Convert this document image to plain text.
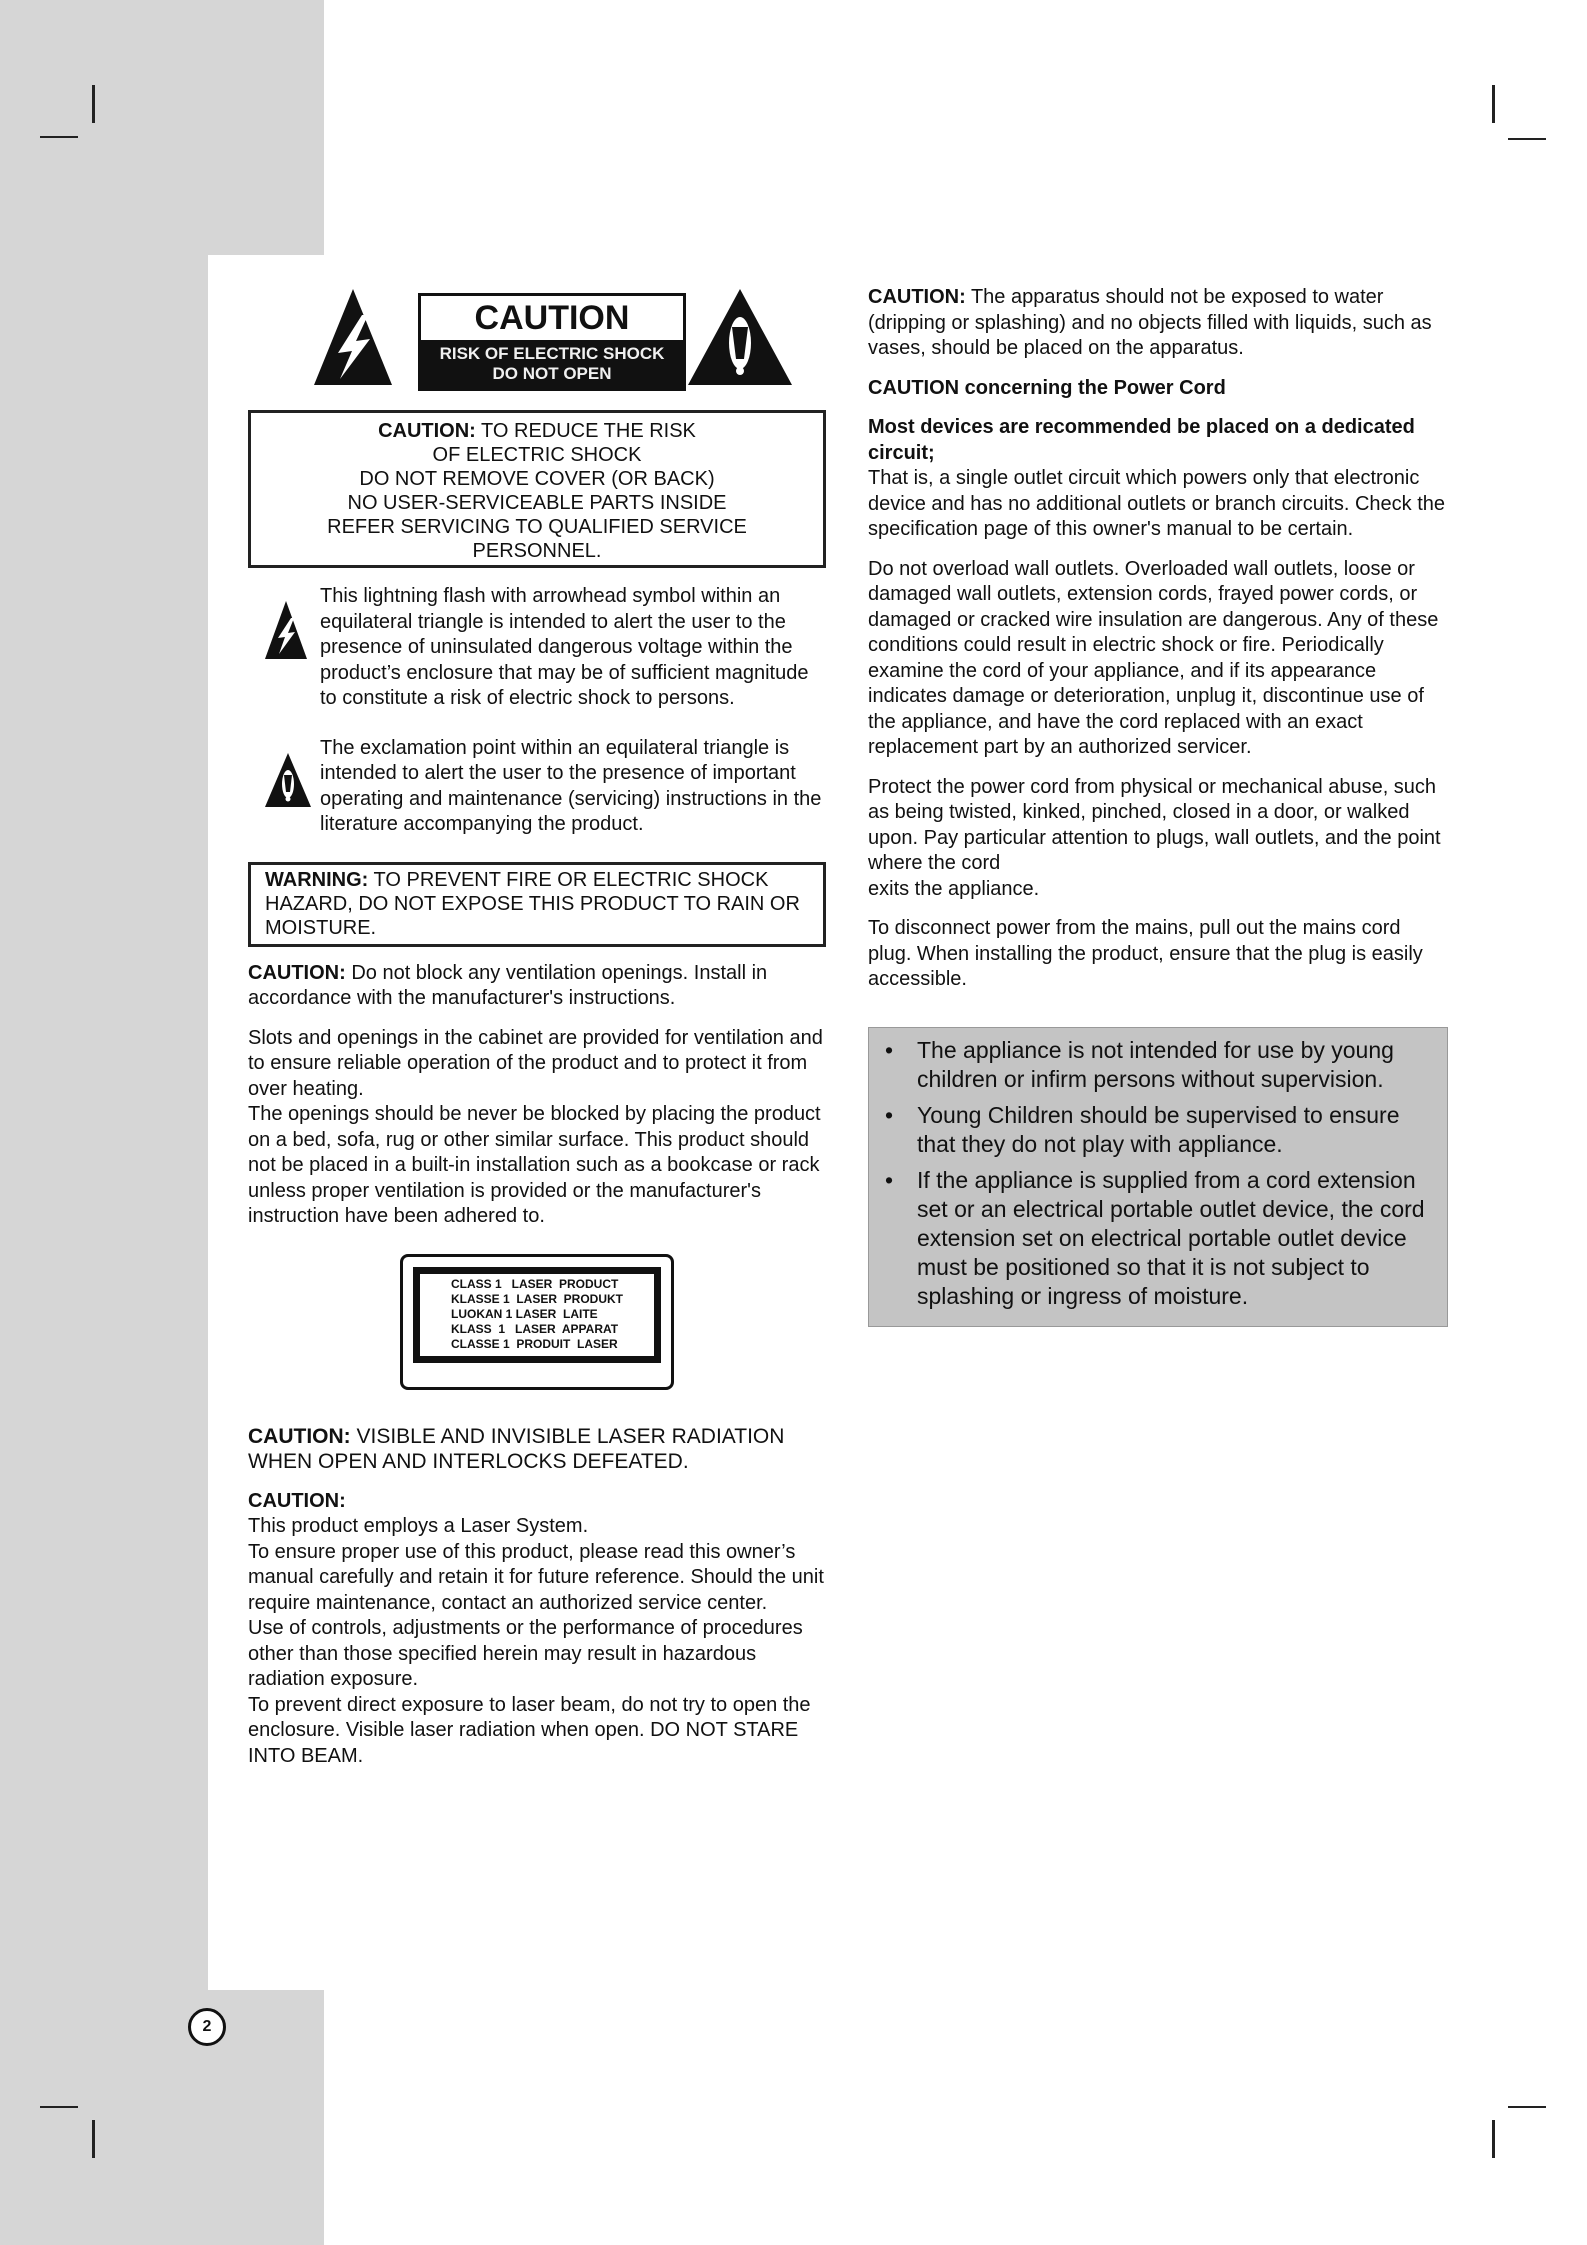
CAUTION
RISK OF ELECTRIC SHOCK
DO NOT OPEN
CAUTION: TO REDUCE THE RISK
OF ELECTRIC SHOCK
DO NOT REMOVE COVER (OR BACK)
NO USER-SERVICEABLE PARTS INSIDE
REFER SERVICING TO QUALIFIED SERVICE
PERSONNEL.
This lightning flash with arrowhead symbol within an equilateral triangle is intended to alert the user to the presence of uninsulated dangerous voltage within the product’s enclosure that may be of sufficient magnitude to constitute a risk of electric shock to persons.
The exclamation point within an equilateral triangle is intended to alert the user to the presence of important operating and maintenance (servicing) instructions in the literature accompanying the product.
WARNING: TO PREVENT FIRE OR ELECTRIC SHOCK HAZARD, DO NOT EXPOSE THIS PRODUCT TO RAIN OR MOISTURE.

CAUTION: Do not block any ventilation openings. Install in accordance with the manufacturer's instructions.

Slots and openings in the cabinet are provided for ventilation and to ensure reliable operation of the product and to protect it from over heating.
The openings should be never be blocked by placing the product on a bed, sofa, rug or other similar surface. This product should not be placed in a built-in installation such as a bookcase or rack unless proper ventilation is provided or the manufacturer's instruction have been adhered to.

CLASS 1   LASER  PRODUCT
KLASSE 1  LASER  PRODUKT
LUOKAN 1 LASER  LAITE
KLASS  1   LASER  APPARAT
CLASSE 1  PRODUIT  LASER

CAUTION: VISIBLE AND INVISIBLE LASER RADIATION WHEN OPEN AND INTERLOCKS DEFEATED.

CAUTION:
This product employs a Laser System.
To ensure proper use of this product, please read this owner’s manual carefully and retain it for future reference. Should the unit require maintenance, contact an authorized service center.
Use of controls, adjustments or the performance of procedures other than those specified herein may result in hazardous radiation exposure.
To prevent direct exposure to laser beam, do not try to open the enclosure. Visible laser radiation when open. DO NOT STARE INTO BEAM.

CAUTION: The apparatus should not be exposed to water (dripping or splashing) and no objects filled with liquids, such as vases, should be placed on the apparatus.

CAUTION concerning the Power Cord

Most devices are recommended be placed on a dedicated circuit;
That is, a single outlet circuit which powers only that electronic device and has no additional outlets or branch circuits. Check the specification page of this owner's manual to be certain.

Do not overload wall outlets. Overloaded wall outlets, loose or damaged wall outlets, extension cords, frayed power cords, or damaged or cracked wire insulation are dangerous. Any of these conditions could result in electric shock or fire. Periodically examine the cord of your appliance, and if its appearance indicates damage or deterioration, unplug it, discontinue use of the appliance, and have the cord replaced with an exact replacement part by an authorized servicer.

Protect the power cord from physical or mechanical abuse, such as being twisted, kinked, pinched, closed in a door, or walked upon. Pay particular attention to plugs, wall outlets, and the point where the cord
exits the appliance.

To disconnect power from the mains, pull out the mains cord plug. When installing the product, ensure that the plug is easily accessible.

• The appliance is not intended for use by young children or infirm persons without supervision.
• Young Children should be supervised to ensure that they do not play with appliance.
• If the appliance is supplied from a cord extension set or an electrical portable outlet device, the cord extension set on electrical portable outlet device must be positioned so that it is not subject to splashing or ingress of moisture.
2
